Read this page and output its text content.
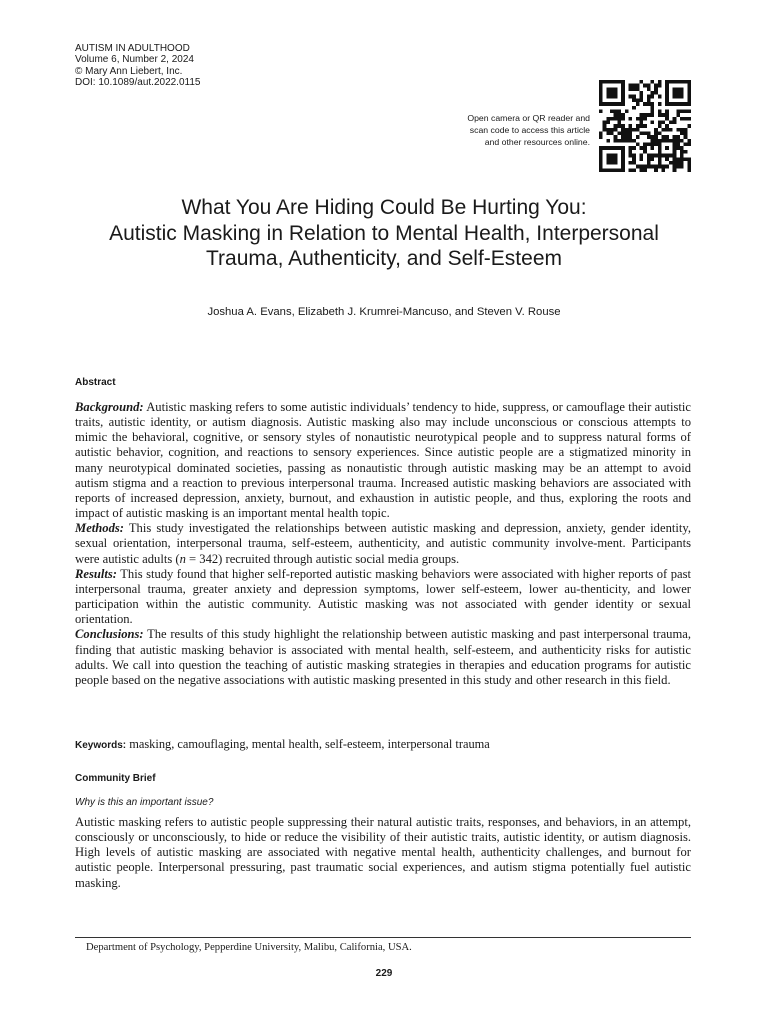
AUTISM IN ADULTHOOD
Volume 6, Number 2, 2024
© Mary Ann Liebert, Inc.
DOI: 10.1089/aut.2022.0115
Open camera or QR reader and
scan code to access this article
and other resources online.
What You Are Hiding Could Be Hurting You:
Autistic Masking in Relation to Mental Health, Interpersonal
Trauma, Authenticity, and Self-Esteem
Joshua A. Evans, Elizabeth J. Krumrei-Mancuso, and Steven V. Rouse
Abstract

Background: Autistic masking refers to some autistic individuals’ tendency to hide, suppress, or camouflage their autistic traits, autistic identity, or autism diagnosis. Autistic masking also may include unconscious or conscious attempts to mimic the behavioral, cognitive, or sensory styles of nonautistic neurotypical people and to suppress natural forms of autistic behavior, cognition, and reactions to sensory experiences. Since autistic people are a stigmatized minority in many neurotypical dominated societies, passing as nonautistic through autistic masking may be an attempt to avoid autism stigma and a reaction to previous interpersonal trauma. Increased autistic masking behaviors are associated with reports of increased depression, anxiety, burnout, and exhaustion in autistic people, and thus, exploring the roots and impact of autistic masking is an important mental health topic.

Methods: This study investigated the relationships between autistic masking and depression, anxiety, gender identity, sexual orientation, interpersonal trauma, self-esteem, authenticity, and autistic community involve-ment. Participants were autistic adults (n = 342) recruited through autistic social media groups.

Results: This study found that higher self-reported autistic masking behaviors were associated with higher reports of past interpersonal trauma, greater anxiety and depression symptoms, lower self-esteem, lower au-thenticity, and lower participation within the autistic community. Autistic masking was not associated with gender identity or sexual orientation.

Conclusions: The results of this study highlight the relationship between autistic masking and past interpersonal trauma, finding that autistic masking behavior is associated with mental health, self-esteem, and authenticity risks for autistic adults. We call into question the teaching of autistic masking strategies in therapies and education programs for autistic people based on the negative associations with autistic masking presented in this study and other research in this field.

Keywords: masking, camouflaging, mental health, self-esteem, interpersonal trauma
Community Brief
Why is this an important issue?

Autistic masking refers to autistic people suppressing their natural autistic traits, responses, and behaviors, in an attempt, consciously or unconsciously, to hide or reduce the visibility of their autistic traits, autistic identity, or autism diagnosis. High levels of autistic masking are associated with negative mental health, authenticity challenges, and burnout for autistic people. Interpersonal pressuring, past traumatic social experiences, and autism stigma potentially fuel autistic masking.

Department of Psychology, Pepperdine University, Malibu, California, USA.
229
